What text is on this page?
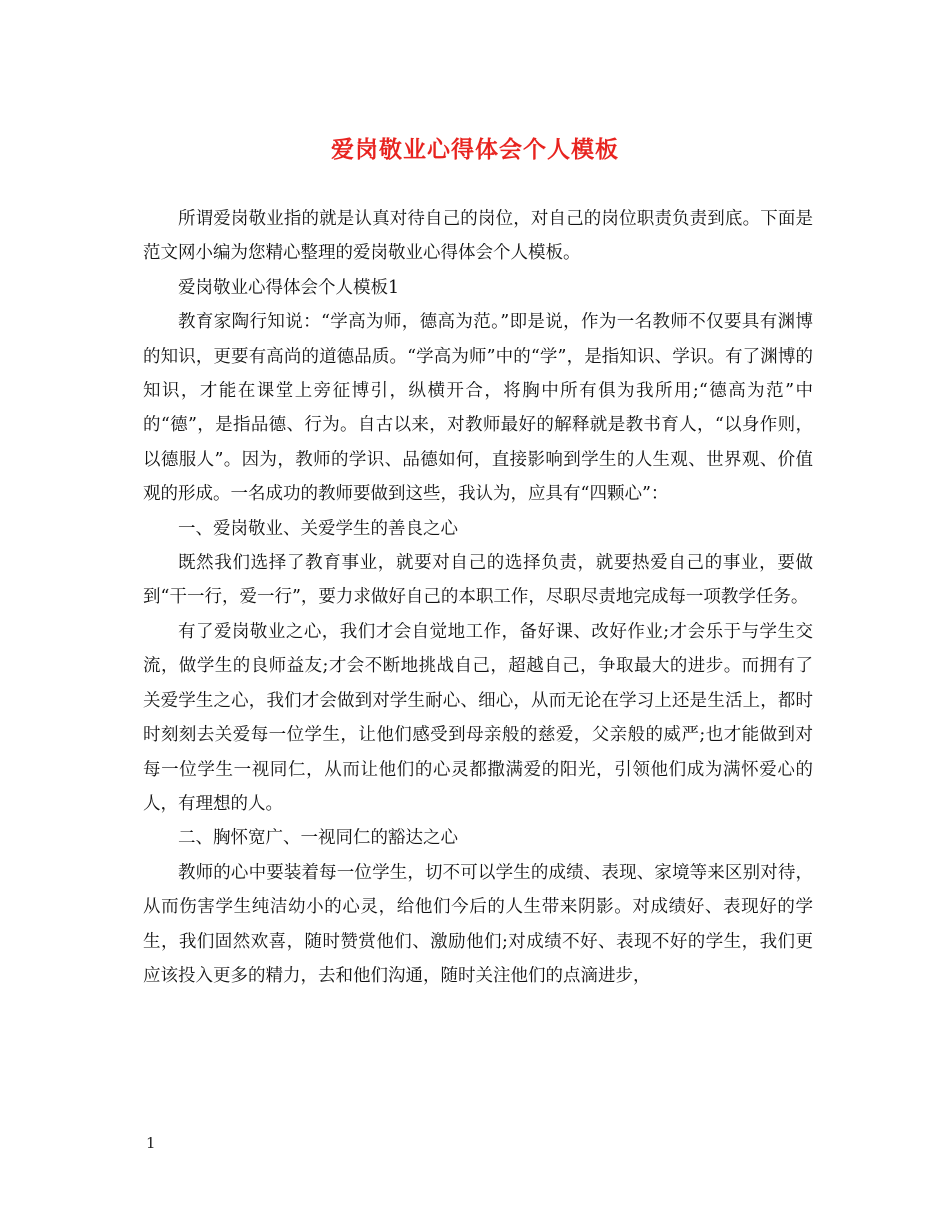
爱岗敬业心得体会个人模板

所谓爱岗敬业指的就是认真对待自己的岗位，对自己的岗位职责负责到底。下面是范文网小编为您精心整理的爱岗敬业心得体会个人模板。

爱岗敬业心得体会个人模板1

教育家陶行知说：“学高为师，德高为范。”即是说，作为一名教师不仅要具有渊博的知识，更要有高尚的道德品质。“学高为师”中的“学”，是指知识、学识。有了渊博的知识，才能在课堂上旁征博引，纵横开合，将胸中所有俱为我所用;“德高为范”中的“德”，是指品德、行为。自古以来，对教师最好的解释就是教书育人，“以身作则，以德服人”。因为，教师的学识、品德如何，直接影响到学生的人生观、世界观、价值观的形成。一名成功的教师要做到这些，我认为，应具有“四颗心”：

一、爱岗敬业、关爱学生的善良之心

既然我们选择了教育事业，就要对自己的选择负责，就要热爱自己的事业，要做到“干一行，爱一行”，要力求做好自己的本职工作，尽职尽责地完成每一项教学任务。

有了爱岗敬业之心，我们才会自觉地工作，备好课、改好作业;才会乐于与学生交流，做学生的良师益友;才会不断地挑战自己，超越自己，争取最大的进步。而拥有了关爱学生之心，我们才会做到对学生耐心、细心，从而无论在学习上还是生活上，都时时刻刻去关爱每一位学生，让他们感受到母亲般的慈爱，父亲般的威严;也才能做到对每一位学生一视同仁，从而让他们的心灵都撒满爱的阳光，引领他们成为满怀爱心的人，有理想的人。

二、胸怀宽广、一视同仁的豁达之心

教师的心中要装着每一位学生，切不可以学生的成绩、表现、家境等来区别对待，从而伤害学生纯洁幼小的心灵，给他们今后的人生带来阴影。对成绩好、表现好的学生，我们固然欢喜，随时赞赏他们、激励他们;对成绩不好、表现不好的学生，我们更应该投入更多的精力，去和他们沟通，随时关注他们的点滴进步，

1
